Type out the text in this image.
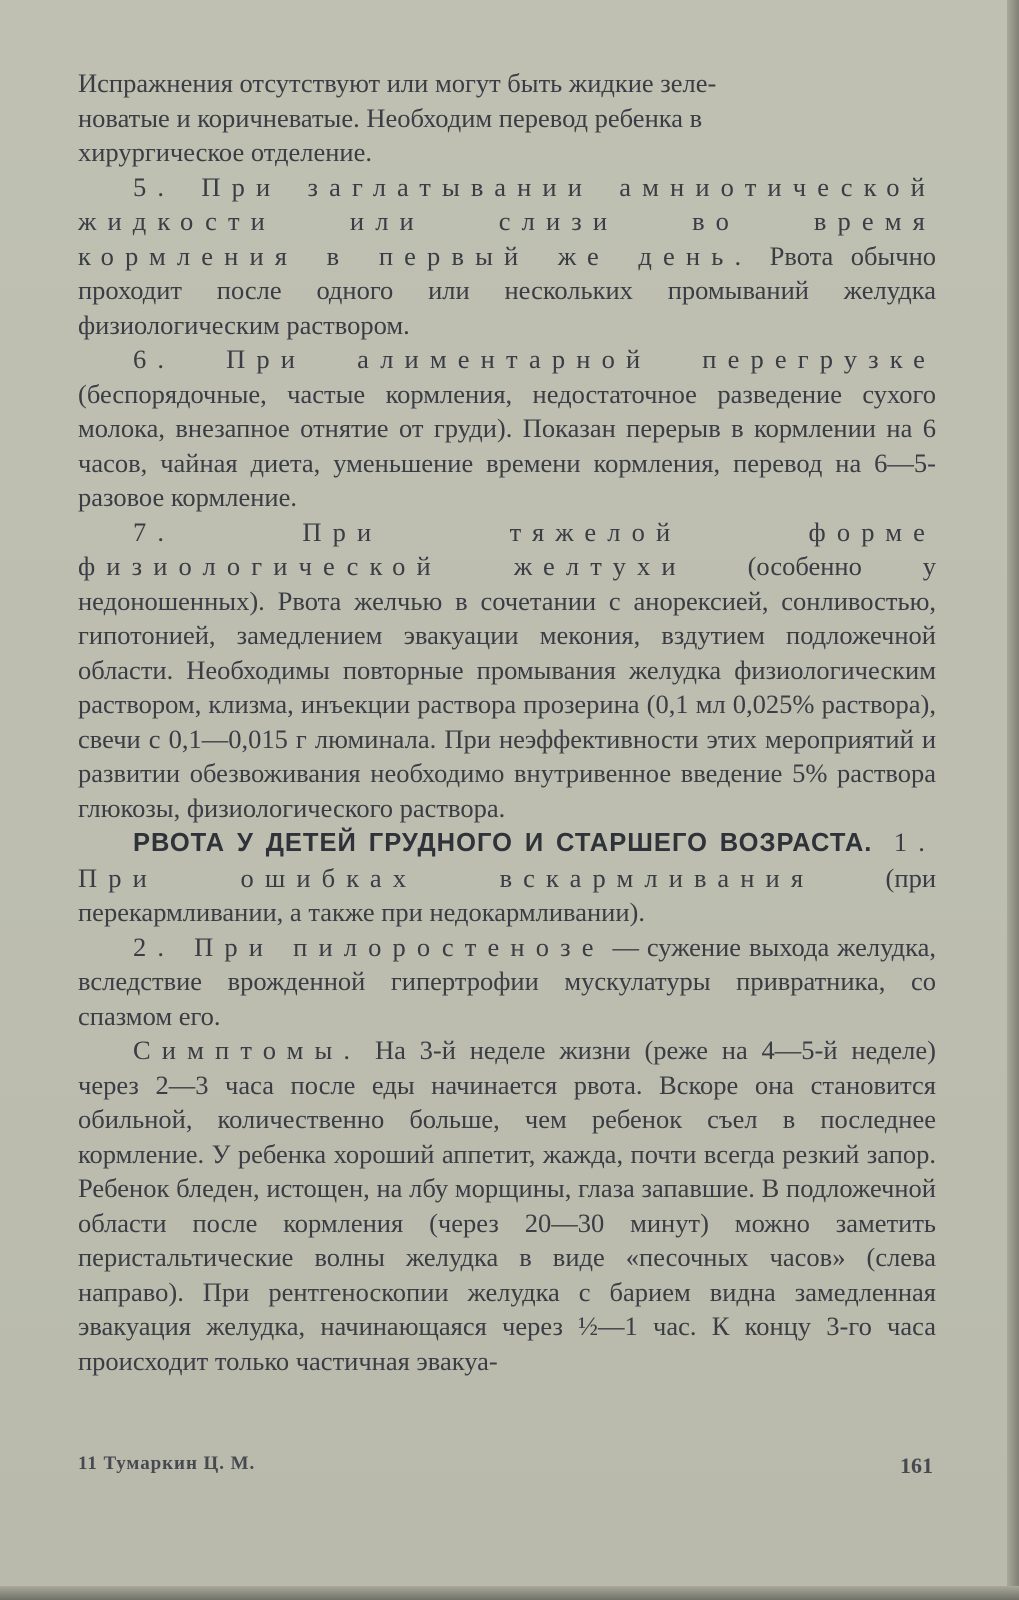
Испражнения отсутствуют или могут быть жидкие зеле-

новатые и коричневатые. Необходим перевод ребенка в

хирургическое отделение.

5. При заглатывании амниотической жидкости или слизи во время кормления в первый же день. Рвота обычно проходит после одного или нескольких промываний желудка физиологическим раствором.

6. При алиментарной перегрузке (беспорядочные, частые кормления, недостаточное разведение сухого молока, внезапное отнятие от груди). Показан перерыв в кормлении на 6 часов, чайная диета, уменьшение времени кормления, перевод на 6—5-разовое кормление.

7. При тяжелой форме физиологической желтухи (особенно у недоношенных). Рвота желчью в сочетании с анорексией, сонливостью, гипотонией, замедлением эвакуации мекония, вздутием подложечной области. Необходимы повторные промывания желудка физиологическим раствором, клизма, инъекции раствора прозерина (0,1 мл 0,025% раствора), свечи с 0,1—0,015 г люминала. При неэффективности этих мероприятий и развитии обезвоживания необходимо внутривенное введение 5% раствора глюкозы, физиологического раствора.

РВОТА У ДЕТЕЙ ГРУДНОГО И СТАРШЕГО ВОЗРАСТА. 1. При ошибках вскармливания (при перекармливании, а также при недокармливании).

2. При пилоростенозе — сужение выхода желудка, вследствие врожденной гипертрофии мускулатуры привратника, со спазмом его.

Симптомы. На 3-й неделе жизни (реже на 4—5-й неделе) через 2—3 часа после еды начинается рвота. Вскоре она становится обильной, количественно больше, чем ребенок съел в последнее кормление. У ребенка хороший аппетит, жажда, почти всегда резкий запор. Ребенок бледен, истощен, на лбу морщины, глаза запавшие. В подложечной области после кормления (через 20—30 минут) можно заметить перистальтические волны желудка в виде «песочных часов» (слева направо). При рентгеноскопии желудка с барием видна замедленная эвакуация желудка, начинающаяся через ½—1 час. К концу 3-го часа происходит только частичная эвакуа-

11 Тумаркин Ц. М.	161
